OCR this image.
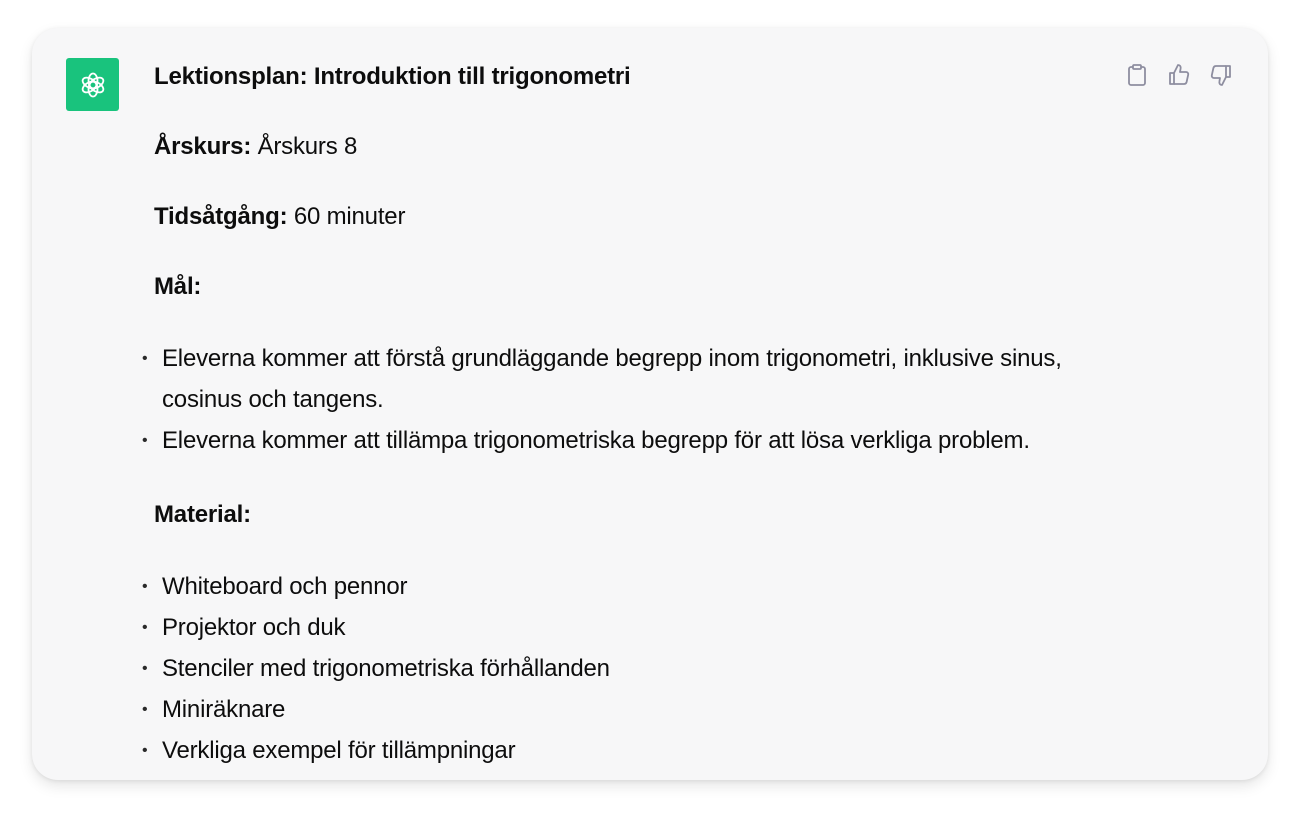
Lektionsplan: Introduktion till trigonometri
Årskurs: Årskurs 8
Tidsåtgång: 60 minuter
Mål:
• Eleverna kommer att förstå grundläggande begrepp inom trigonometri, inklusive sinus, cosinus och tangens.
• Eleverna kommer att tillämpa trigonometriska begrepp för att lösa verkliga problem.
Material:
• Whiteboard och pennor
• Projektor och duk
• Stenciler med trigonometriska förhållanden
• Miniräknare
• Verkliga exempel för tillämpningar
